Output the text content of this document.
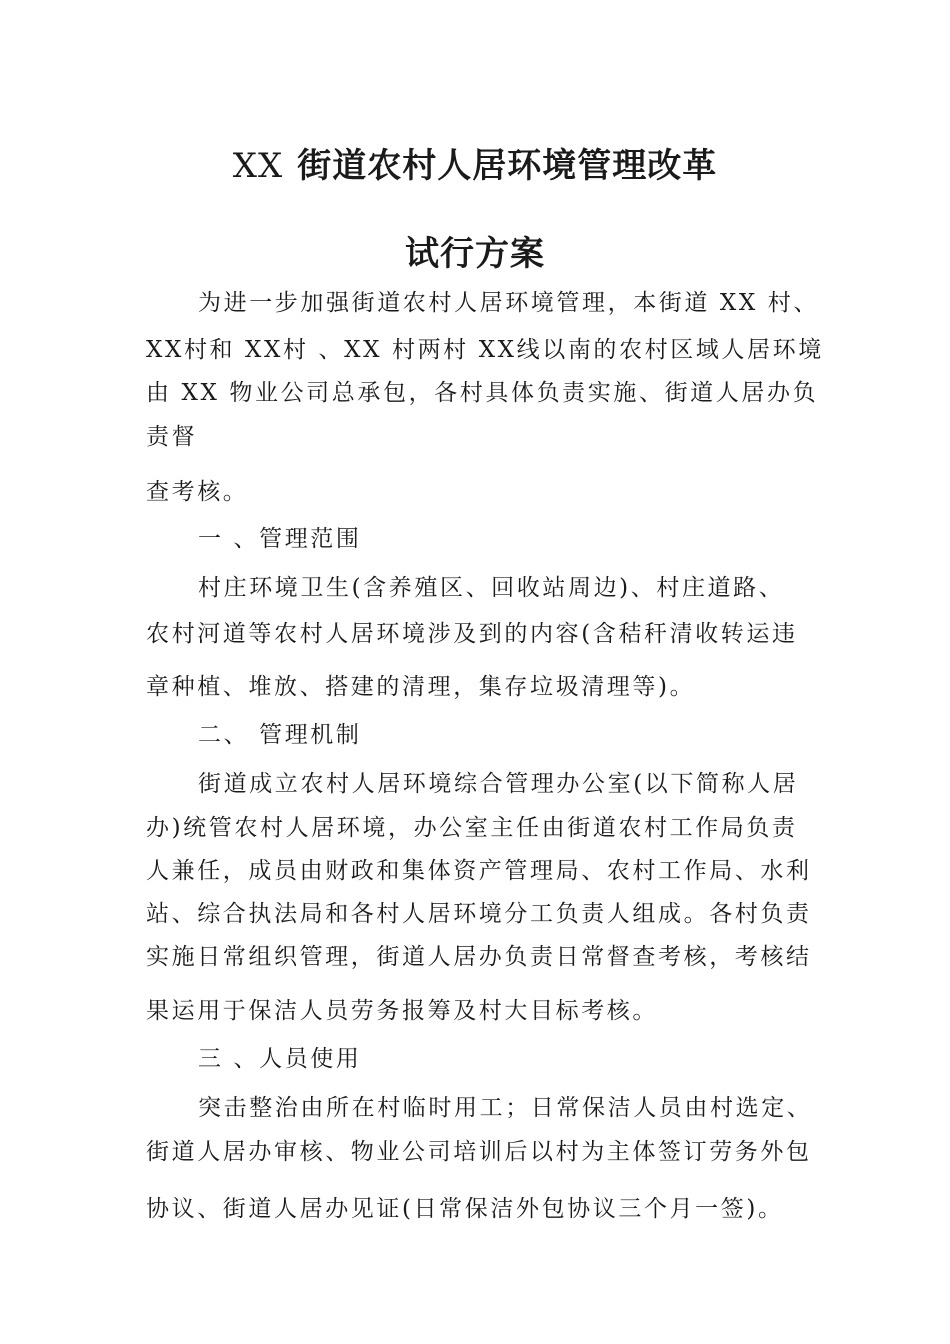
XX 街道农村人居环境管理改革
试行方案
为进一步加强街道农村人居环境管理，本街道 XX 村、
XX村和 XX村 、XX 村两村 XX线以南的农村区域人居环境
由 XX 物业公司总承包，各村具体负责实施、街道人居办负
责督
查考核。
一 、管理范围
村庄环境卫生(含养殖区、回收站周边)、村庄道路、
农村河道等农村人居环境涉及到的内容(含秸秆清收转运违
章种植、堆放、搭建的清理，集存垃圾清理等)。
二、 管理机制
街道成立农村人居环境综合管理办公室(以下简称人居
办)统管农村人居环境，办公室主任由街道农村工作局负责
人兼任，成员由财政和集体资产管理局、农村工作局、水利
站、综合执法局和各村人居环境分工负责人组成。各村负责
实施日常组织管理，街道人居办负责日常督查考核，考核结
果运用于保洁人员劳务报筹及村大目标考核。
三 、人员使用
突击整治由所在村临时用工；日常保洁人员由村选定、
街道人居办审核、物业公司培训后以村为主体签订劳务外包
协议、街道人居办见证(日常保洁外包协议三个月一签)。
